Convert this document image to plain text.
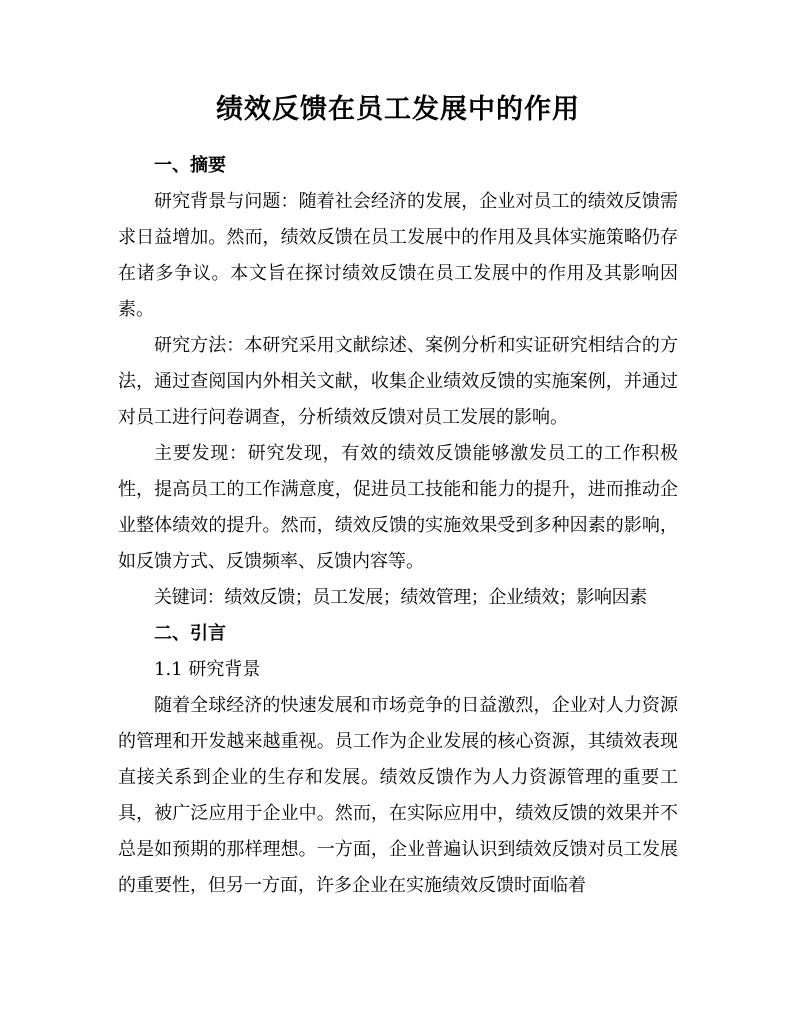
绩效反馈在员工发展中的作用
一、摘要

研究背景与问题：随着社会经济的发展，企业对员工的绩效反馈需求日益增加。然而，绩效反馈在员工发展中的作用及具体实施策略仍存在诸多争议。本文旨在探讨绩效反馈在员工发展中的作用及其影响因素。

研究方法：本研究采用文献综述、案例分析和实证研究相结合的方法，通过查阅国内外相关文献，收集企业绩效反馈的实施案例，并通过对员工进行问卷调查，分析绩效反馈对员工发展的影响。

主要发现：研究发现，有效的绩效反馈能够激发员工的工作积极性，提高员工的工作满意度，促进员工技能和能力的提升，进而推动企业整体绩效的提升。然而，绩效反馈的实施效果受到多种因素的影响，如反馈方式、反馈频率、反馈内容等。

关键词：绩效反馈；员工发展；绩效管理；企业绩效；影响因素

二、引言
1.1 研究背景

随着全球经济的快速发展和市场竞争的日益激烈，企业对人力资源的管理和开发越来越重视。员工作为企业发展的核心资源，其绩效表现直接关系到企业的生存和发展。绩效反馈作为人力资源管理的重要工具，被广泛应用于企业中。然而，在实际应用中，绩效反馈的效果并不总是如预期的那样理想。一方面，企业普遍认识到绩效反馈对员工发展的重要性，但另一方面，许多企业在实施绩效反馈时面临着
